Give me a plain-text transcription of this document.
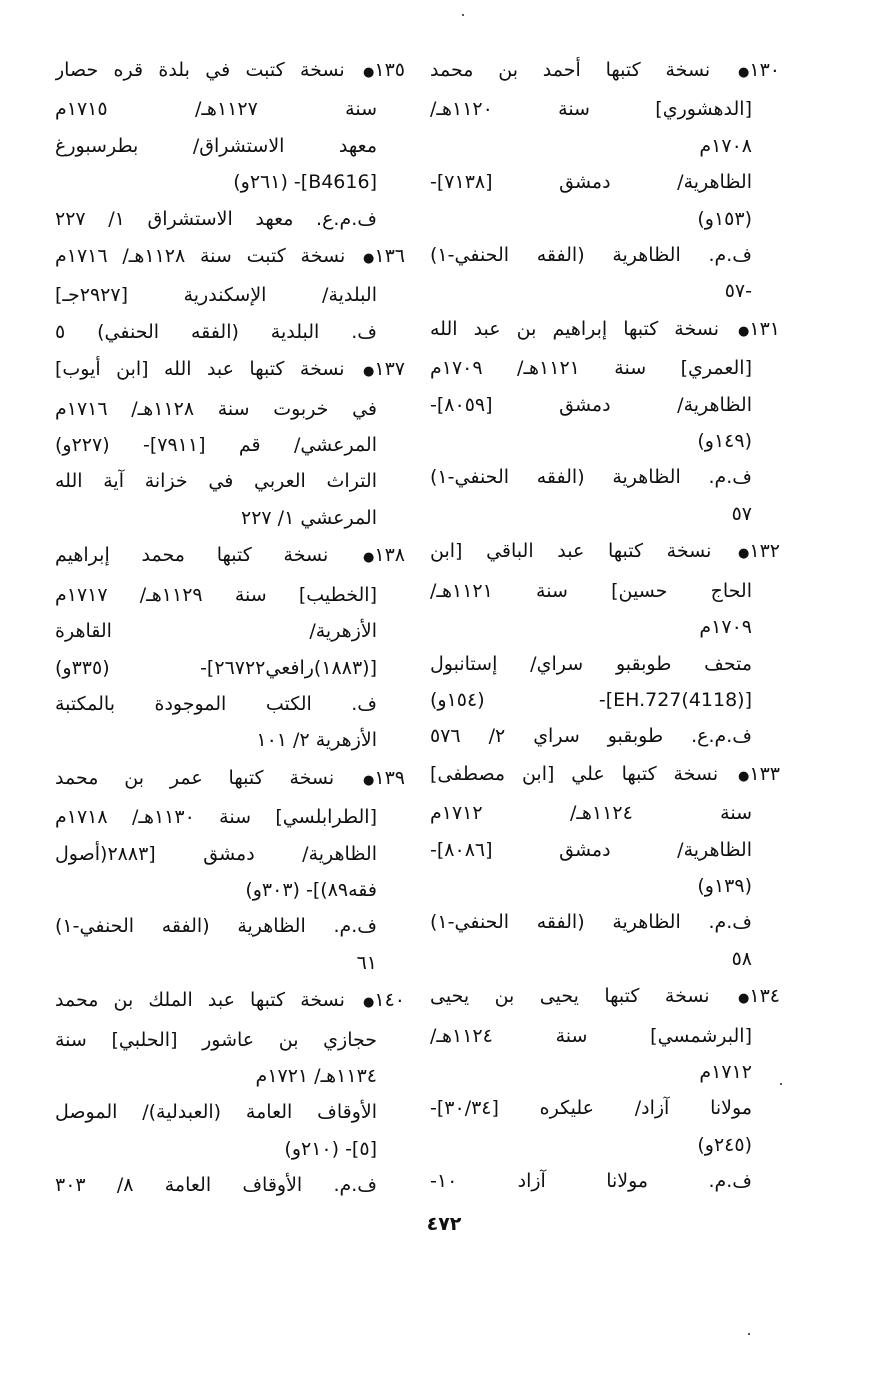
١٣٠● نسخة كتبها أحمد بن محمد
[الدهشوري] سنة ١١٢٠هـ/
١٧٠٨م
الظاهرية/ دمشق [٧١٣٨]-
(١٥٣و)
ف.م. الظاهرية (الفقه الحنفي-١)
-٥٧
١٣١● نسخة كتبها إبراهيم بن عبد الله
[العمري] سنة ١١٢١هـ/ ١٧٠٩م
الظاهرية/ دمشق [٨٠٥٩]-
(١٤٩و)
ف.م. الظاهرية (الفقه الحنفي-١)
٥٧
١٣٢● نسخة كتبها عبد الباقي [ابن
الحاج حسين] سنة ١١٢١هـ/
١٧٠٩م
متحف طوبقبو سراي/ إستانبول
[(4118)EH.727]- (١٥٤و)
ف.م.ع. طوبقبو سراي ٢/ ٥٧٦
١٣٣● نسخة كتبها علي [ابن مصطفى]
سنة ١١٢٤هـ/ ١٧١٢م
الظاهرية/ دمشق [٨٠٨٦]-
(١٣٩و)
ف.م. الظاهرية (الفقه الحنفي-١)
٥٨
١٣٤● نسخة كتبها يحيى بن يحيى
[البرشمسي] سنة ١١٢٤هـ/
١٧١٢م
مولانا آزاد/ عليكره [٣٠/٣٤]-
(٢٤٥و)
ف.م. مولانا آزاد ١٠-
١٣٥● نسخة كتبت في بلدة قره حصار
سنة ١١٢٧هـ/ ١٧١٥م
معهد الاستشراق/ بطرسبورغ
[B4616]- (٢٦١و)
ف.م.ع. معهد الاستشراق ١/ ٢٢٧
١٣٦● نسخة كتبت سنة ١١٢٨هـ/ ١٧١٦م
البلدية/ الإسكندرية [٢٩٢٧جـ]
ف. البلدية (الفقه الحنفي) ٥
١٣٧● نسخة كتبها عبد الله [ابن أيوب]
في خربوت سنة ١١٢٨هـ/ ١٧١٦م
المرعشي/ قم [٧٩١١]- (٢٢٧و)
التراث العربي في خزانة آية الله
المرعشي ١/ ٢٢٧
١٣٨● نسخة كتبها محمد إبراهيم
[الخطيب] سنة ١١٢٩هـ/ ١٧١٧م
الأزهرية/ القاهرة
[(١٨٨٣)رافعي٢٦٧٢٢]- (٣٣٥و)
ف. الكتب الموجودة بالمكتبة
الأزهرية ٢/ ١٠١
١٣٩● نسخة كتبها عمر بن محمد
[الطرابلسي] سنة ١١٣٠هـ/ ١٧١٨م
الظاهرية/ دمشق [٢٨٨٣(أصول
فقه٨٩)]- (٣٠٣و)
ف.م. الظاهرية (الفقه الحنفي-١)
٦١
١٤٠● نسخة كتبها عبد الملك بن محمد
حجازي بن عاشور [الحلبي] سنة
١١٣٤هـ/ ١٧٢١م
الأوقاف العامة (العبدلية)/ الموصل
[٥]- (٢١٠و)
ف.م. الأوقاف العامة ٨/ ٣٠٣
٤٧٢
